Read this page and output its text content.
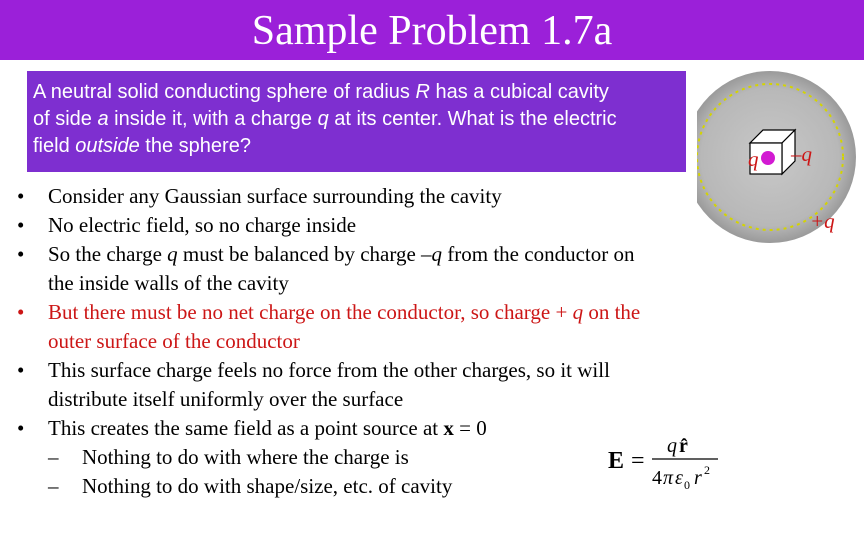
Sample Problem 1.7a
A neutral solid conducting sphere of radius R has a cubical cavity
of side a inside it, with a charge q at its center. What is the electric
field outside the sphere?
• Consider any Gaussian surface surrounding the cavity
• No electric field, so no charge inside
• So the charge q must be balanced by charge –q from the conductor on
the inside walls of the cavity
• But there must be no net charge on the conductor, so charge + q on the
outer surface of the conductor
• This surface charge feels no force from the other charges, so it will
distribute itself uniformly over the surface
• This creates the same field as a point source at x = 0
– Nothing to do with where the charge is
– Nothing to do with shape/size, etc. of cavity
E =
q r̂
4 π ε 0 r 2
q –q
+q
